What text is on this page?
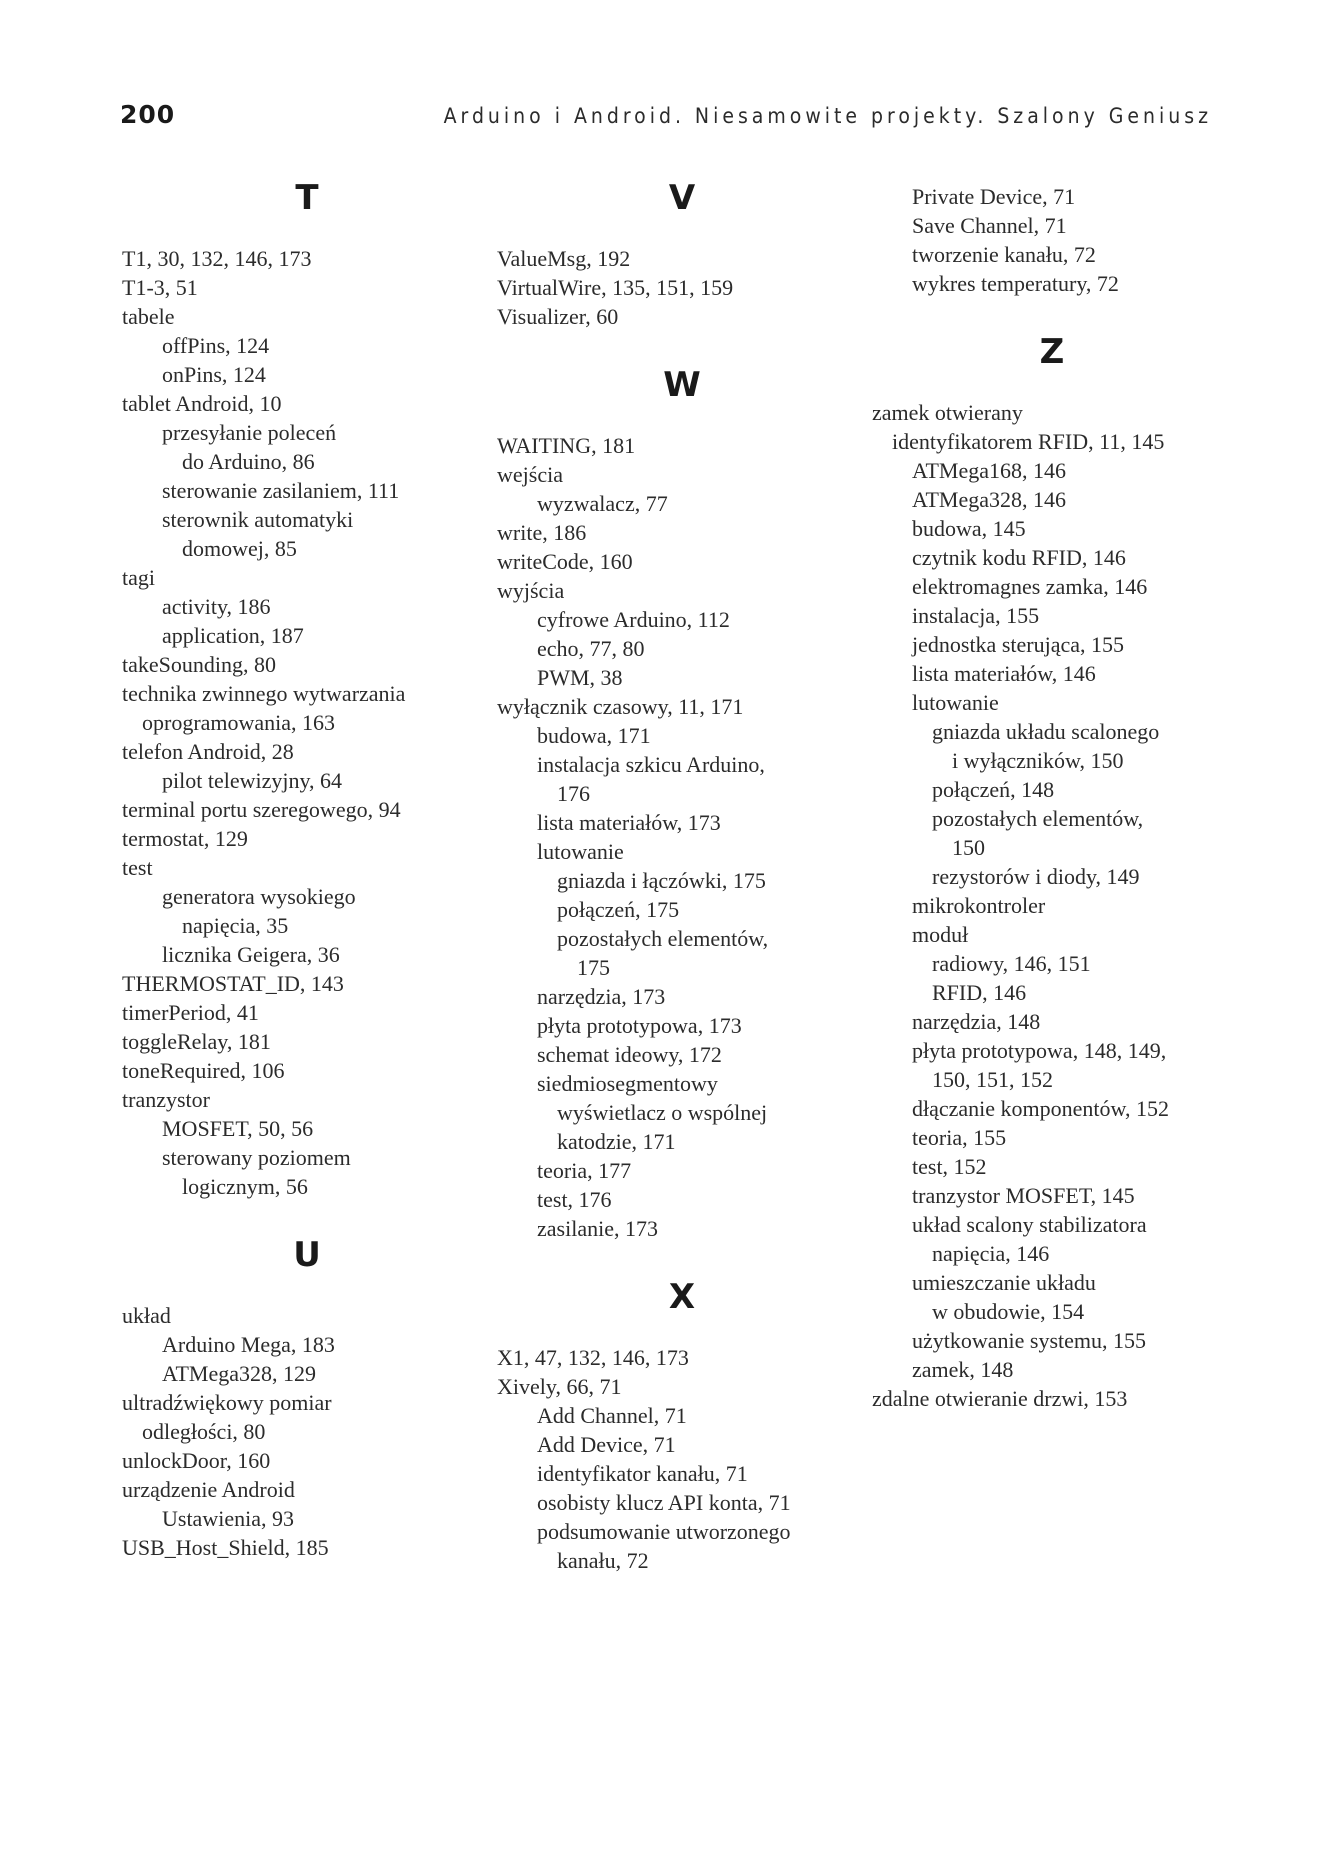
200	Arduino i Android. Niesamowite projekty. Szalony Geniusz
T
T1, 30, 132, 146, 173
T1-3, 51
tabele
offPins, 124
onPins, 124
tablet Android, 10
przesyłanie poleceń
do Arduino, 86
sterowanie zasilaniem, 111
sterownik automatyki
domowej, 85
tagi
activity, 186
application, 187
takeSounding, 80
technika zwinnego wytwarzania
oprogramowania, 163
telefon Android, 28
pilot telewizyjny, 64
terminal portu szeregowego, 94
termostat, 129
test
generatora wysokiego
napięcia, 35
licznika Geigera, 36
THERMOSTAT_ID, 143
timerPeriod, 41
toggleRelay, 181
toneRequired, 106
tranzystor
MOSFET, 50, 56
sterowany poziomem
logicznym, 56
U
układ
Arduino Mega, 183
ATMega328, 129
ultradźwiękowy pomiar
odległości, 80
unlockDoor, 160
urządzenie Android
Ustawienia, 93
USB_Host_Shield, 185
V
ValueMsg, 192
VirtualWire, 135, 151, 159
Visualizer, 60
W
WAITING, 181
wejścia
wyzwalacz, 77
write, 186
writeCode, 160
wyjścia
cyfrowe Arduino, 112
echo, 77, 80
PWM, 38
wyłącznik czasowy, 11, 171
budowa, 171
instalacja szkicu Arduino,
176
lista materiałów, 173
lutowanie
gniazda i łączówki, 175
połączeń, 175
pozostałych elementów,
175
narzędzia, 173
płyta prototypowa, 173
schemat ideowy, 172
siedmiosegmentowy
wyświetlacz o wspólnej
katodzie, 171
teoria, 177
test, 176
zasilanie, 173
X
X1, 47, 132, 146, 173
Xively, 66, 71
Add Channel, 71
Add Device, 71
identyfikator kanału, 71
osobisty klucz API konta, 71
podsumowanie utworzonego
kanału, 72
Private Device, 71
Save Channel, 71
tworzenie kanału, 72
wykres temperatury, 72
Z
zamek otwierany
identyfikatorem RFID, 11, 145
ATMega168, 146
ATMega328, 146
budowa, 145
czytnik kodu RFID, 146
elektromagnes zamka, 146
instalacja, 155
jednostka sterująca, 155
lista materiałów, 146
lutowanie
gniazda układu scalonego
i wyłączników, 150
połączeń, 148
pozostałych elementów,
150
rezystorów i diody, 149
mikrokontroler
moduł
radiowy, 146, 151
RFID, 146
narzędzia, 148
płyta prototypowa, 148, 149,
150, 151, 152
dłączanie komponentów, 152
teoria, 155
test, 152
tranzystor MOSFET, 145
układ scalony stabilizatora
napięcia, 146
umieszczanie układu
w obudowie, 154
użytkowanie systemu, 155
zamek, 148
zdalne otwieranie drzwi, 153
